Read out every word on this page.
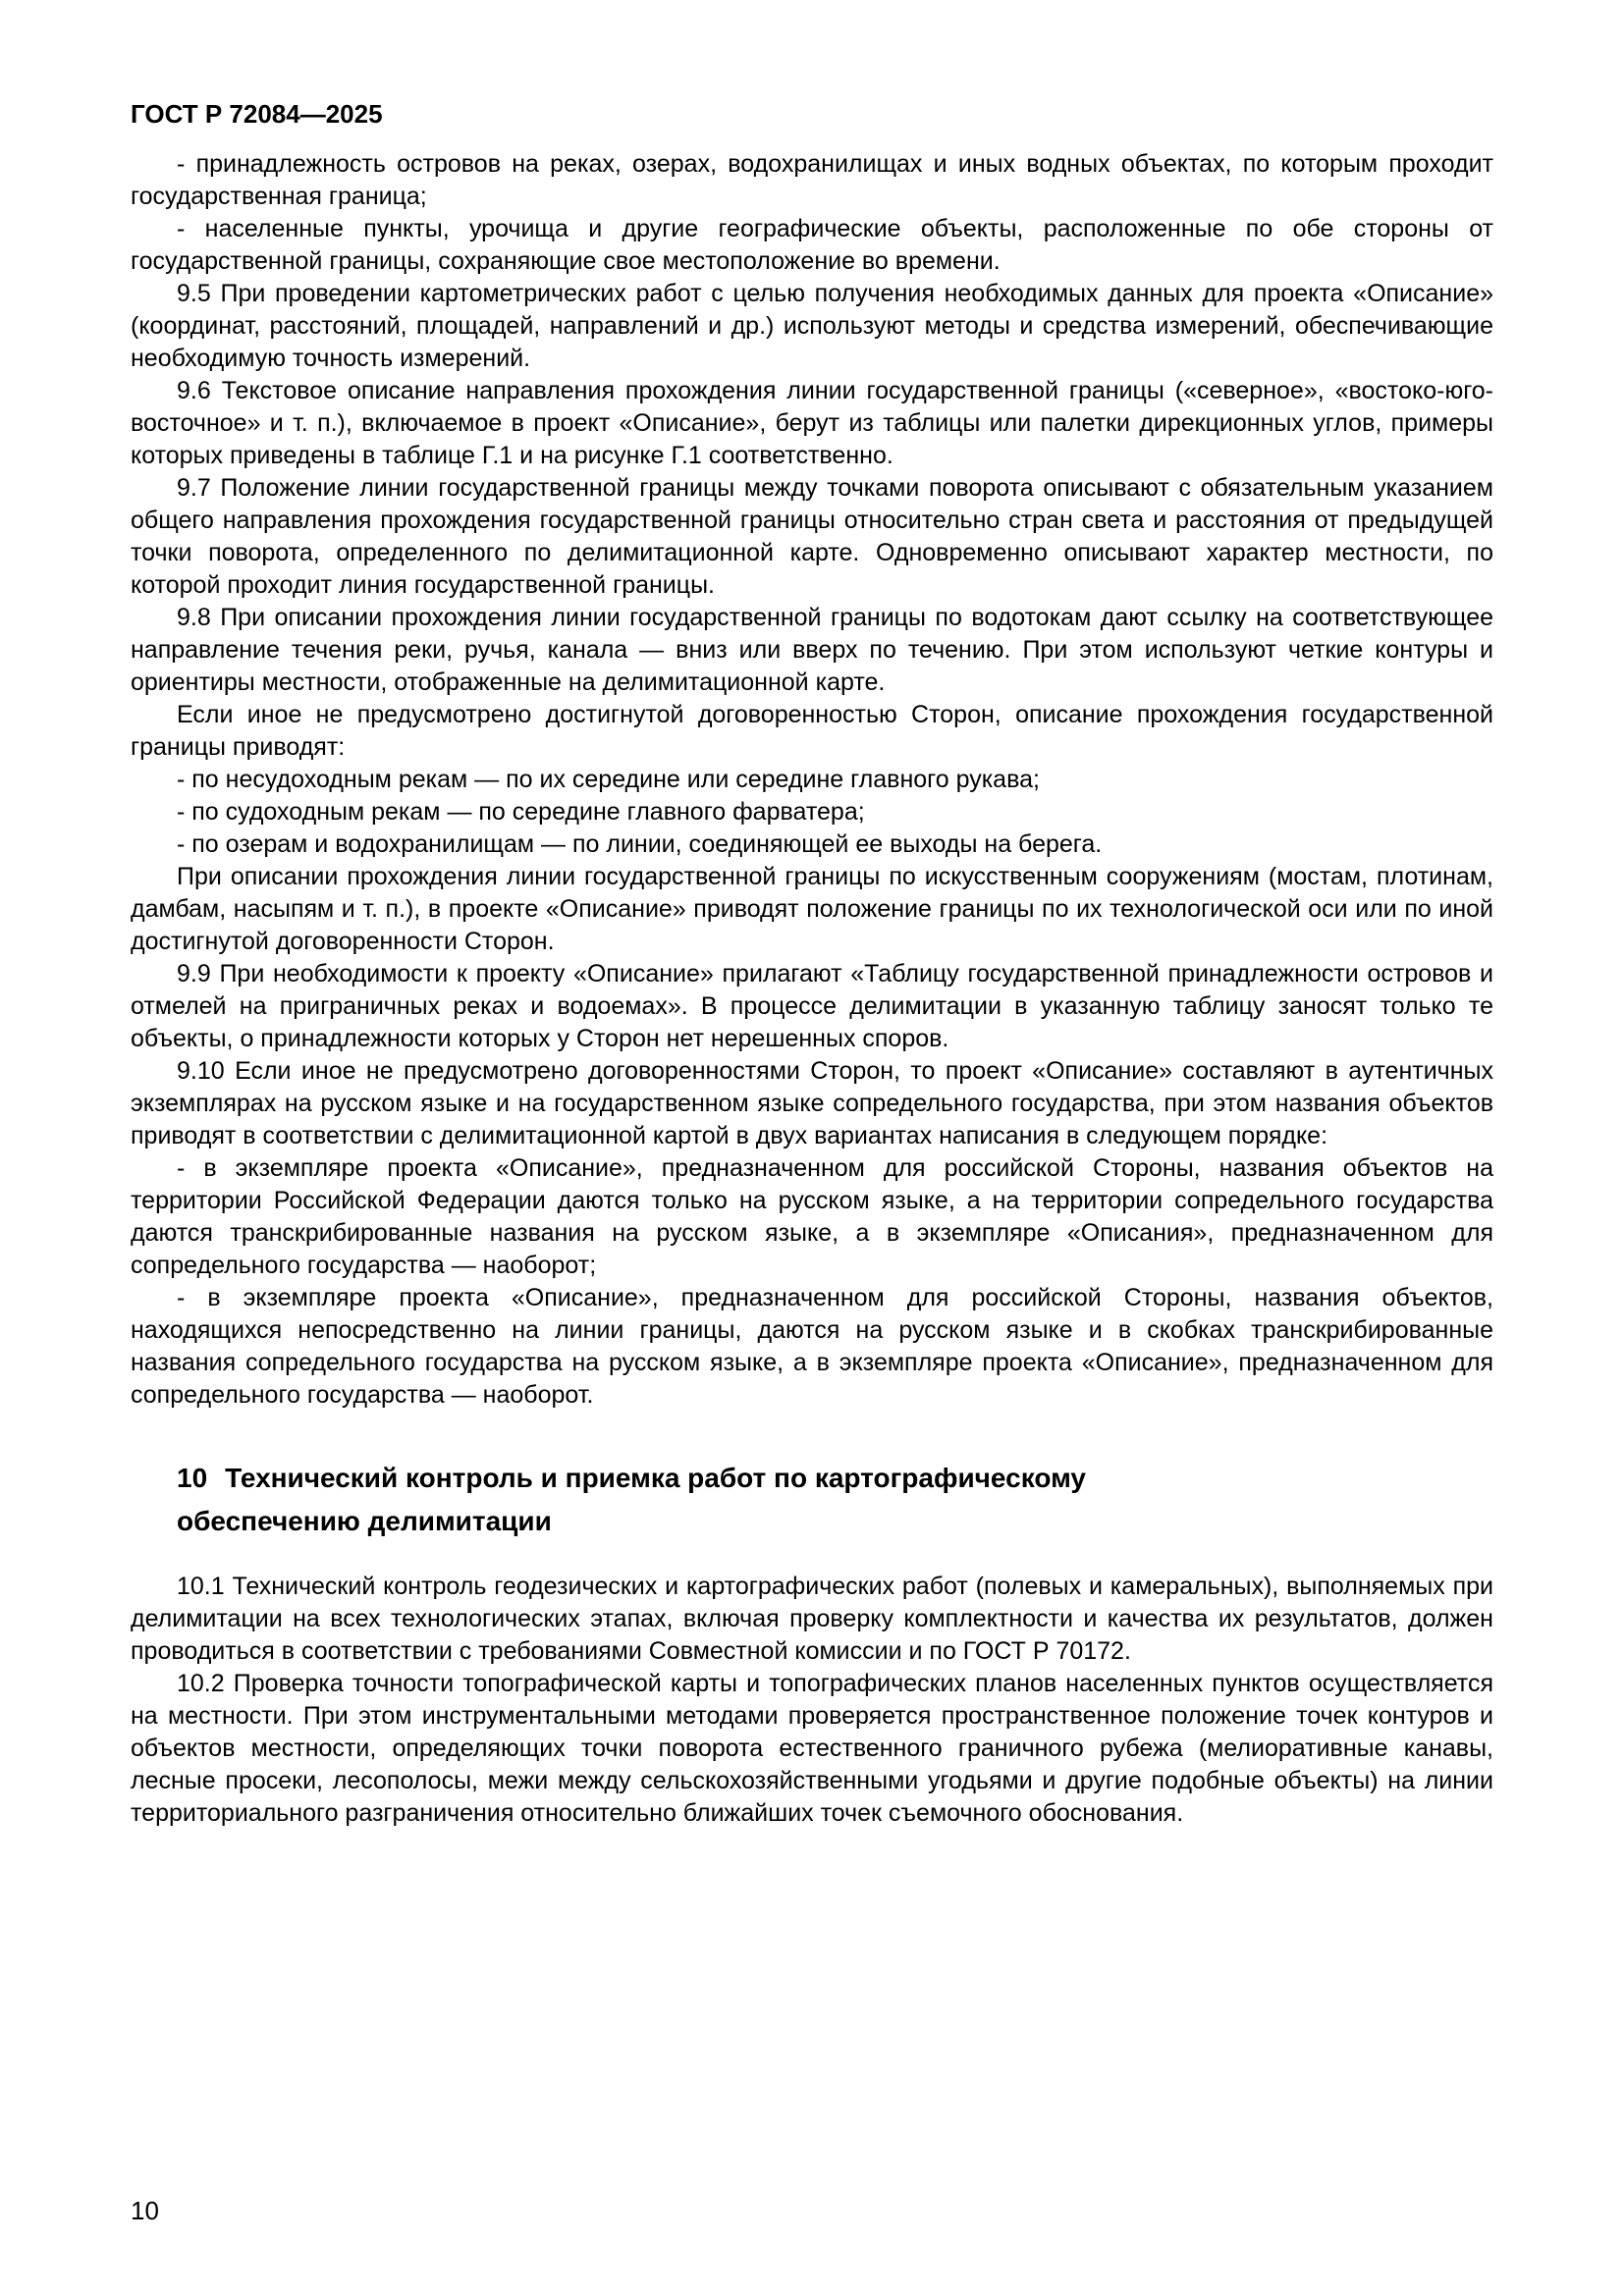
ГОСТ Р 72084—2025

- принадлежность островов на реках, озерах, водохранилищах и иных водных объектах, по которым проходит государственная граница;

- населенные пункты, урочища и другие географические объекты, расположенные по обе стороны от государственной границы, сохраняющие свое местоположение во времени.

9.5 При проведении картометрических работ с целью получения необходимых данных для проекта «Описание» (координат, расстояний, площадей, направлений и др.) используют методы и средства измерений, обеспечивающие необходимую точность измерений.

9.6 Текстовое описание направления прохождения линии государственной границы («северное», «востоко-юго-восточное» и т. п.), включаемое в проект «Описание», берут из таблицы или палетки дирекционных углов, примеры которых приведены в таблице Г.1 и на рисунке Г.1 соответственно.

9.7 Положение линии государственной границы между точками поворота описывают с обязательным указанием общего направления прохождения государственной границы относительно стран света и расстояния от предыдущей точки поворота, определенного по делимитационной карте. Одновременно описывают характер местности, по которой проходит линия государственной границы.

9.8 При описании прохождения линии государственной границы по водотокам дают ссылку на соответствующее направление течения реки, ручья, канала — вниз или вверх по течению. При этом используют четкие контуры и ориентиры местности, отображенные на делимитационной карте.

Если иное не предусмотрено достигнутой договоренностью Сторон, описание прохождения государственной границы приводят:

- по несудоходным рекам — по их середине или середине главного рукава;

- по судоходным рекам — по середине главного фарватера;

- по озерам и водохранилищам — по линии, соединяющей ее выходы на берега.

При описании прохождения линии государственной границы по искусственным сооружениям (мостам, плотинам, дамбам, насыпям и т. п.), в проекте «Описание» приводят положение границы по их технологической оси или по иной достигнутой договоренности Сторон.

9.9 При необходимости к проекту «Описание» прилагают «Таблицу государственной принадлежности островов и отмелей на приграничных реках и водоемах». В процессе делимитации в указанную таблицу заносят только те объекты, о принадлежности которых у Сторон нет нерешенных споров.

9.10 Если иное не предусмотрено договоренностями Сторон, то проект «Описание» составляют в аутентичных экземплярах на русском языке и на государственном языке сопредельного государства, при этом названия объектов приводят в соответствии с делимитационной картой в двух вариантах написания в следующем порядке:

- в экземпляре проекта «Описание», предназначенном для российской Стороны, названия объектов на территории Российской Федерации даются только на русском языке, а на территории сопредельного государства даются транскрибированные названия на русском языке, а в экземпляре «Описания», предназначенном для сопредельного государства — наоборот;

- в экземпляре проекта «Описание», предназначенном для российской Стороны, названия объектов, находящихся непосредственно на линии границы, даются на русском языке и в скобках транскрибированные названия сопредельного государства на русском языке, а в экземпляре проекта «Описание», предназначенном для сопредельного государства — наоборот.

10 Технический контроль и приемка работ по картографическому обеспечению делимитации

10.1 Технический контроль геодезических и картографических работ (полевых и камеральных), выполняемых при делимитации на всех технологических этапах, включая проверку комплектности и качества их результатов, должен проводиться в соответствии с требованиями Совместной комиссии и по ГОСТ Р 70172.

10.2 Проверка точности топографической карты и топографических планов населенных пунктов осуществляется на местности. При этом инструментальными методами проверяется пространственное положение точек контуров и объектов местности, определяющих точки поворота естественного граничного рубежа (мелиоративные канавы, лесные просеки, лесополосы, межи между сельскохозяйственными угодьями и другие подобные объекты) на линии территориального разграничения относительно ближайших точек съемочного обоснования.

10
